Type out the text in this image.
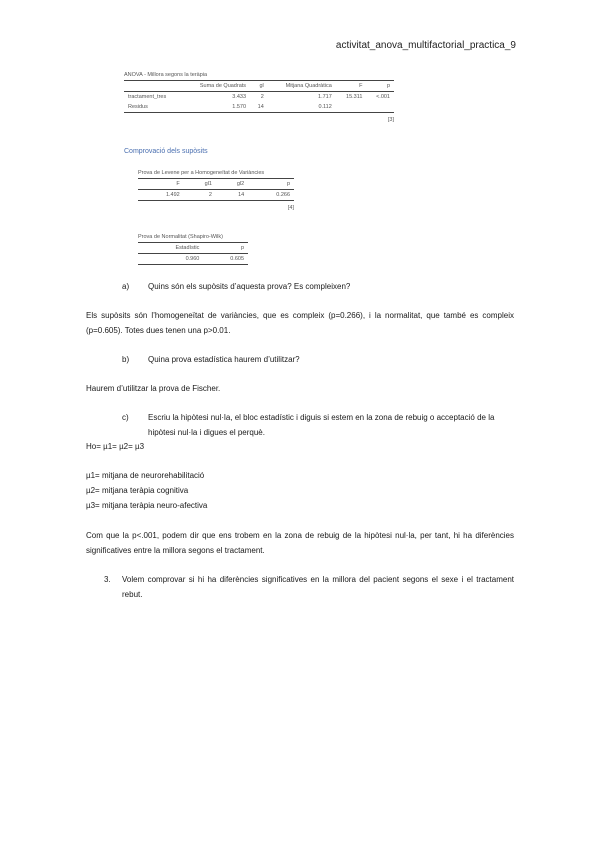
activitat_anova_multifactorial_practica_9
ANOVA - Millora segons la teràpia
	Suma de Quadrats	gl	Mitjana Quadràtica	F	p
tractament_tres	3.433	2	1.717	15.311	<.001
Residus	1.570	14	0.112		
[3]
Comprovació dels supòsits
Prova de Levene per a Homogeneïtat de Variàncies
F	gl1	gl2	p
1.492	2	14	0.266
[4]
Prova de Normalitat (Shapiro-Wilk)
Estadístic	p
0.960	0.605
a) Quins són els supòsits d’aquesta prova? Es compleixen?
Els supòsits són l’homogeneïtat de variàncies, que es compleix (p=0.266), i la normalitat, que també es compleix (p=0.605). Totes dues tenen una p>0.01.
b) Quina prova estadística haurem d’utilitzar?
Haurem d’utilitzar la prova de Fischer.
c)	Escriu la hipòtesi nul·la, el bloc estadístic i diguis si estem en la zona de rebuig o acceptació de la hipòtesi nul·la i digues el perquè.
Ho= µ1= µ2= µ3
µ1= mitjana de neurorehabilitació
µ2= mitjana teràpia cognitiva
µ3= mitjana teràpia neuro-afectiva
Com que la p<.001, podem dir que ens trobem en la zona de rebuig de la hipòtesi nul·la, per tant, hi ha diferències significatives entre la millora segons el tractament.
3.	Volem comprovar si hi ha diferències significatives en la millora del pacient segons el sexe i el tractament rebut.
